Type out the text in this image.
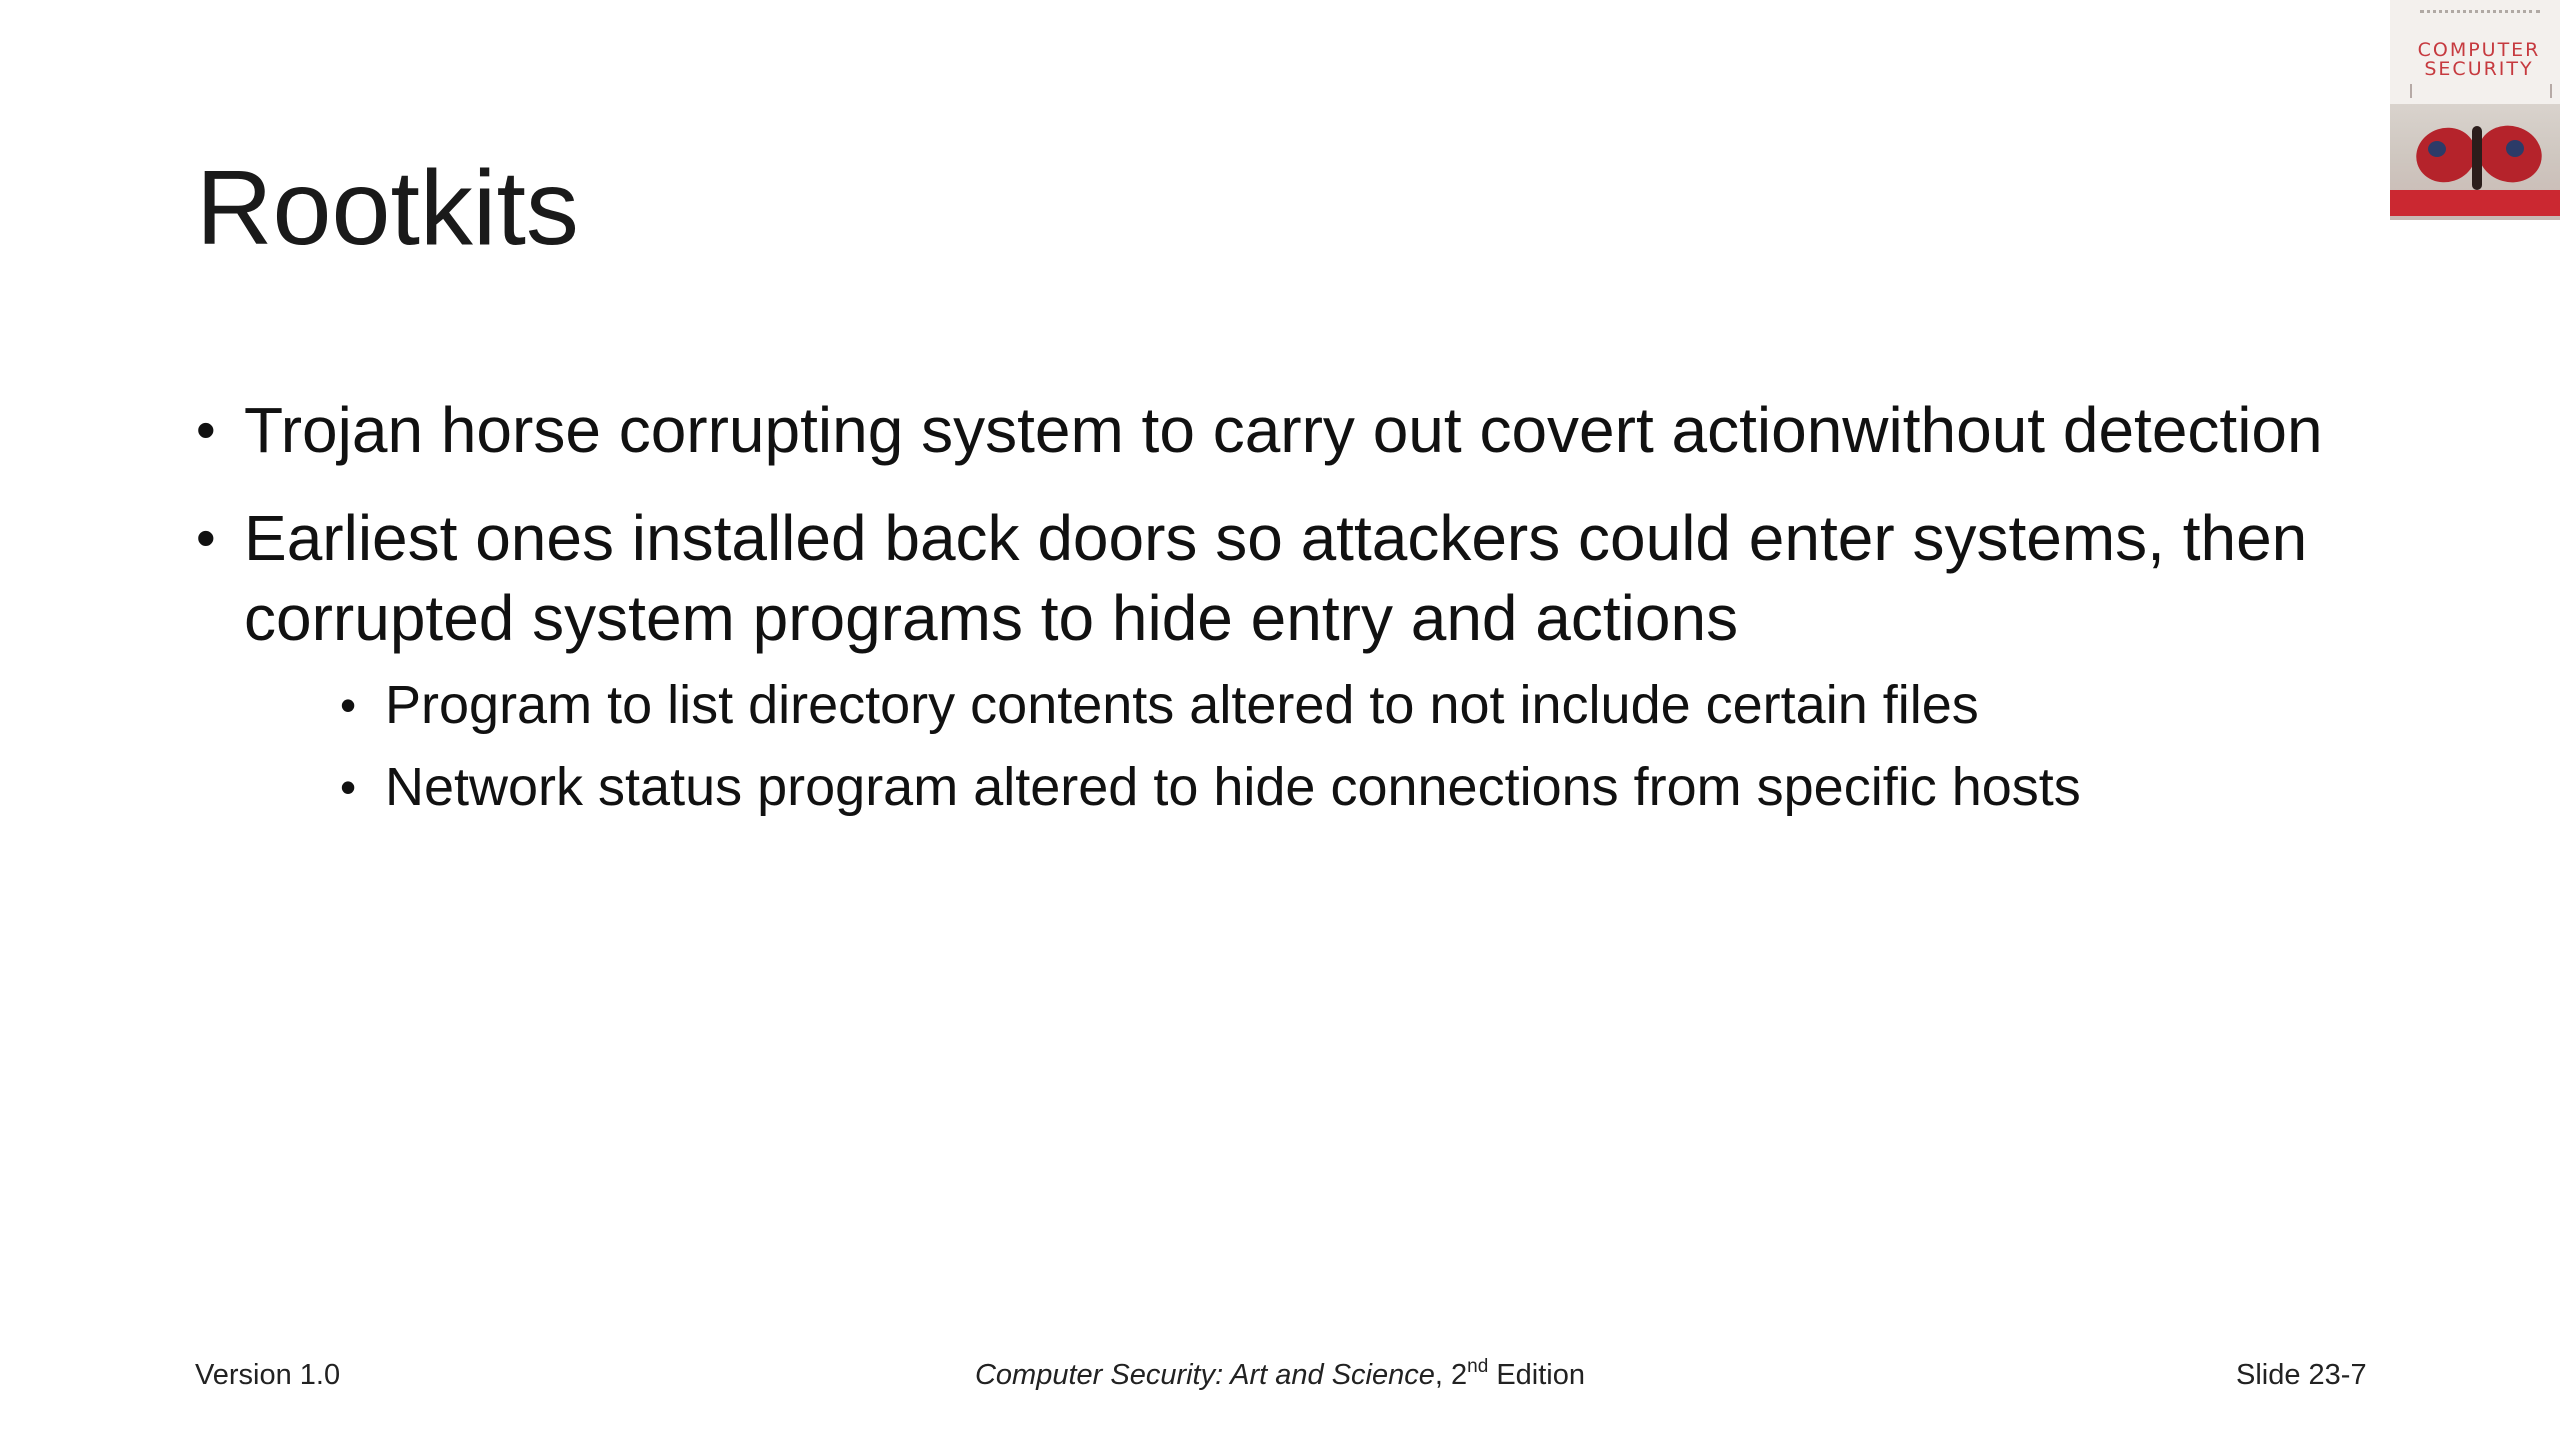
Rootkits
COMPUTER
SECURITY
• Trojan horse corrupting system to carry out covert actionwithout detection
• Earliest ones installed back doors so attackers could enter systems, then corrupted system programs to hide entry and actions
• Program to list directory contents altered to not include certain files
• Network status program altered to hide connections from specific hosts
Version 1.0	Computer Security: Art and Science, 2nd Edition	Slide 23-7
